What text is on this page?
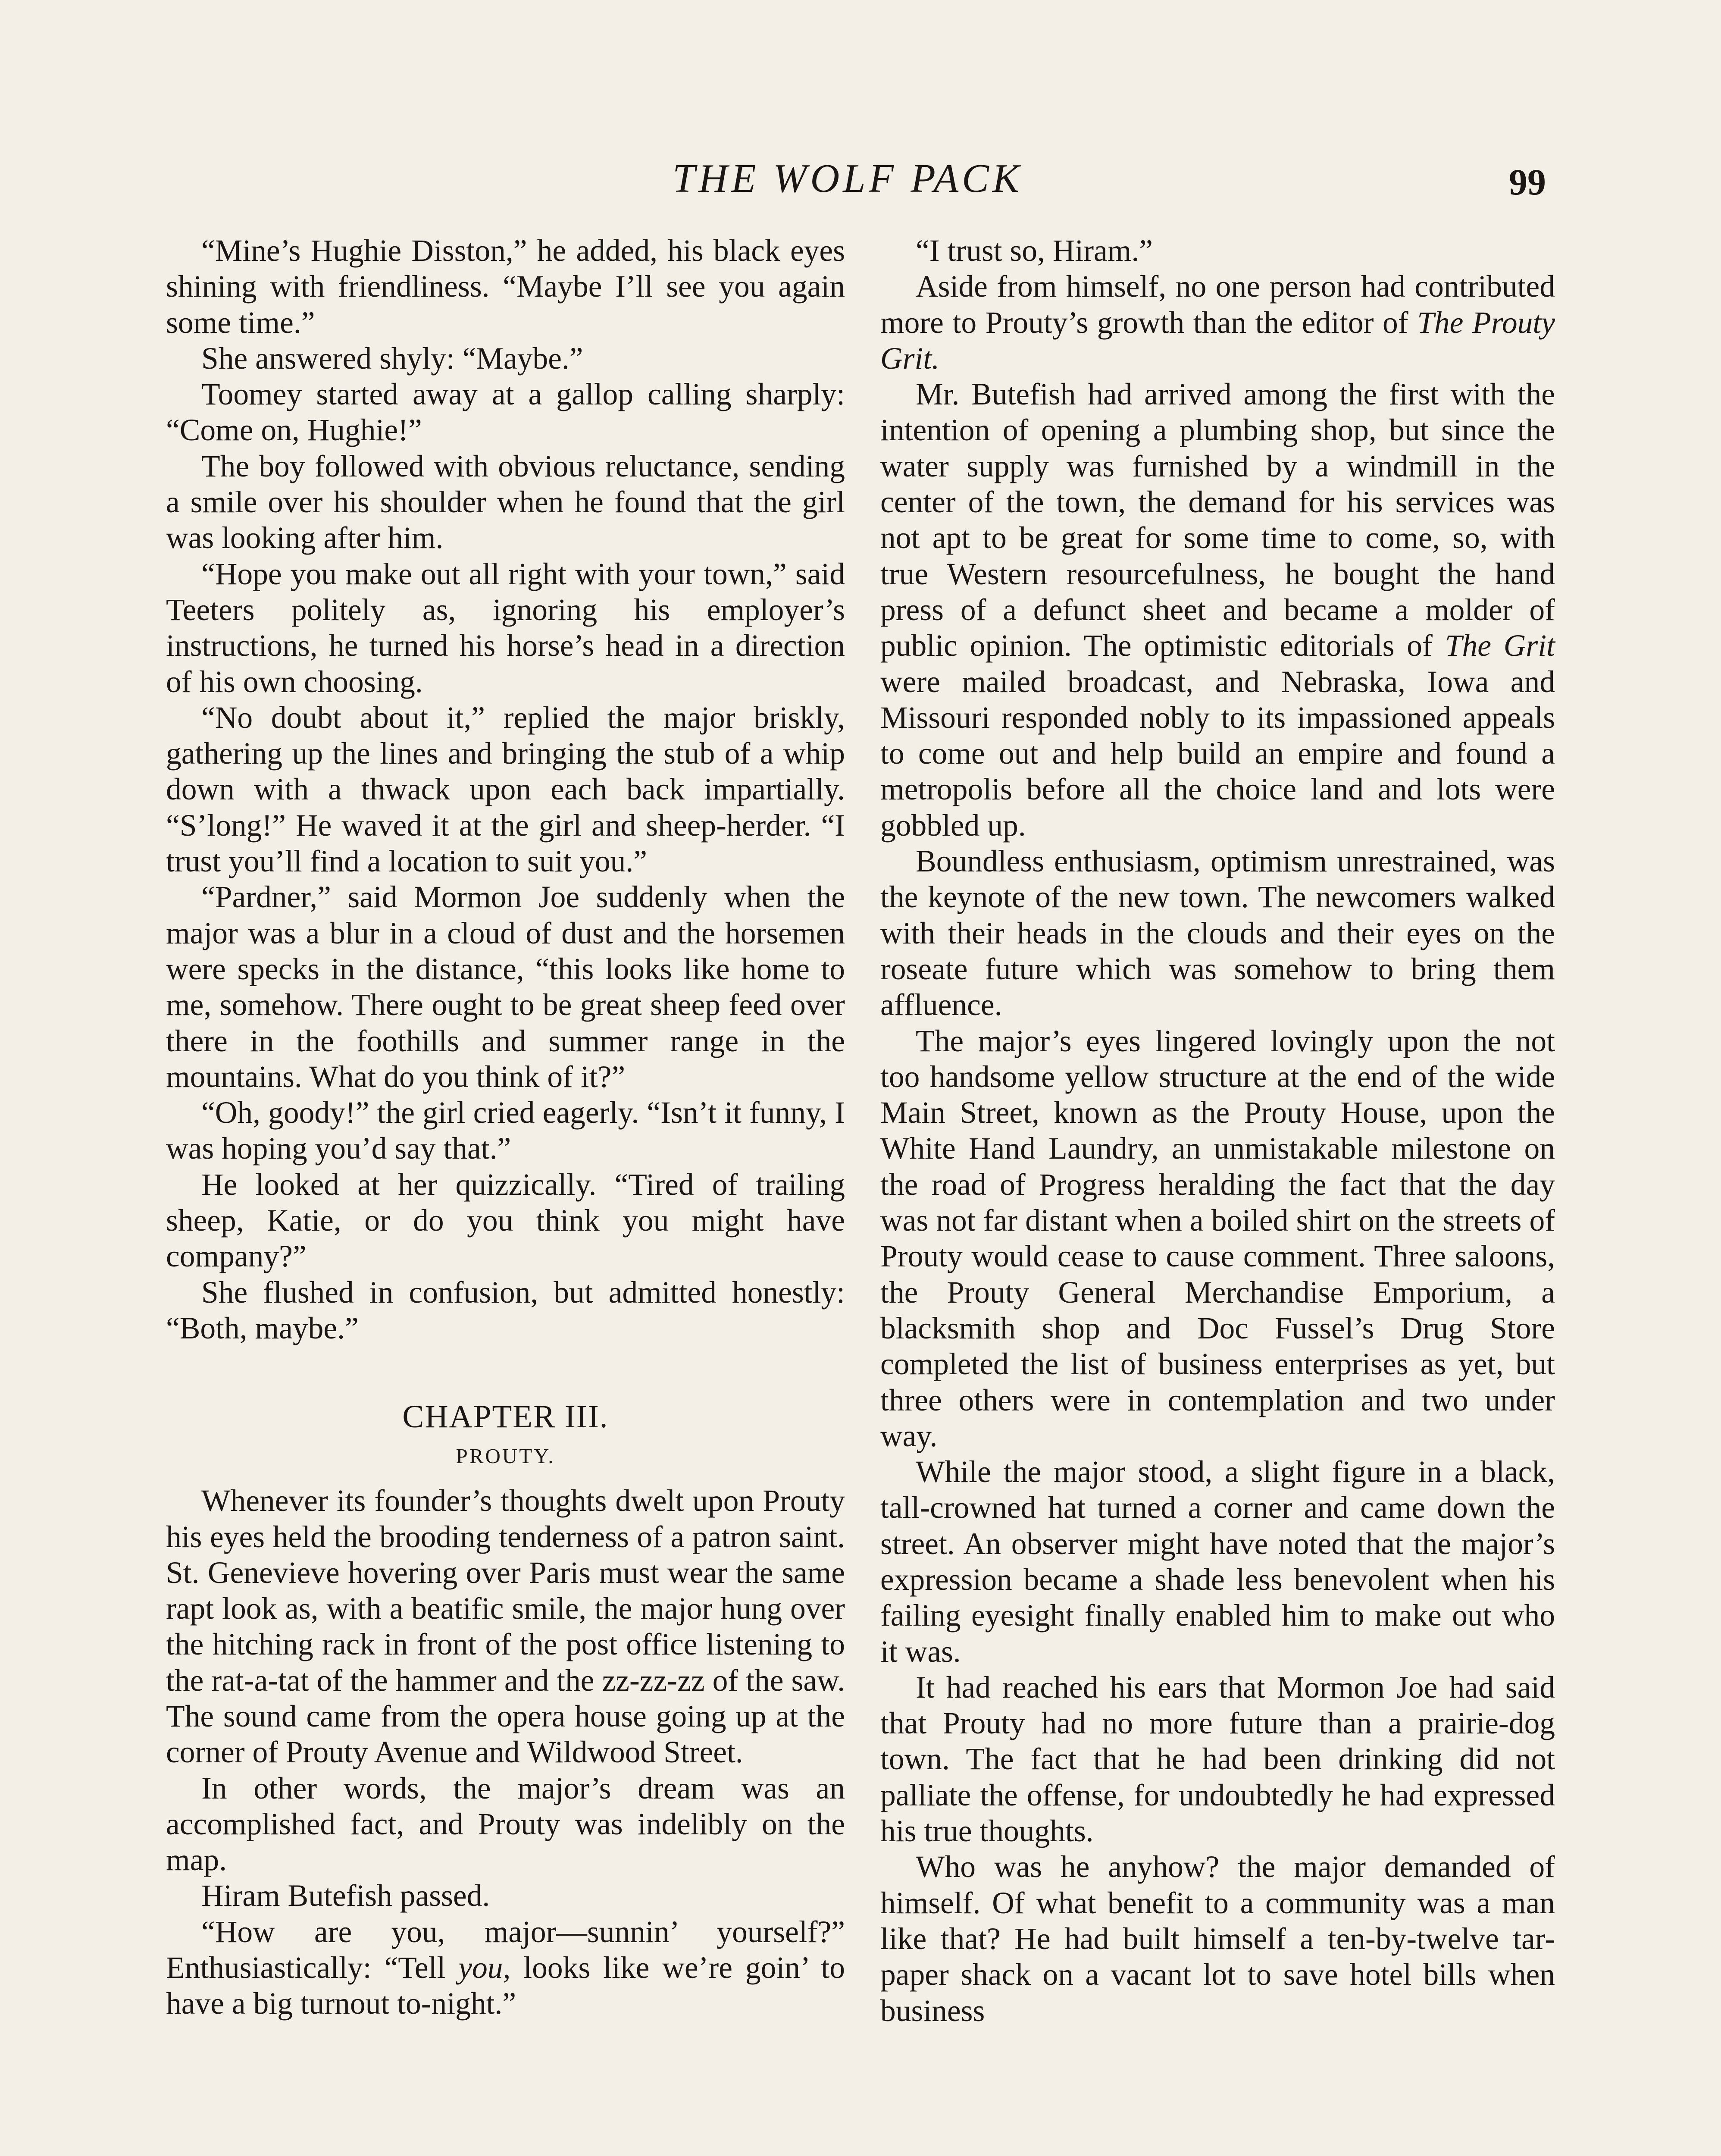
THE WOLF PACK	99

“Mine’s Hughie Disston,” he added, his black eyes shining with friendliness. “Maybe I’ll see you again some time.”

She answered shyly: “Maybe.”

Toomey started away at a gallop calling sharply: “Come on, Hughie!”

The boy followed with obvious reluctance, sending a smile over his shoulder when he found that the girl was looking after him.

“Hope you make out all right with your town,” said Teeters politely as, ignoring his employer’s instructions, he turned his horse’s head in a direction of his own choosing.

“No doubt about it,” replied the major briskly, gathering up the lines and bringing the stub of a whip down with a thwack upon each back impartially. “S’long!” He waved it at the girl and sheep-herder. “I trust you’ll find a location to suit you.”

“Pardner,” said Mormon Joe suddenly when the major was a blur in a cloud of dust and the horsemen were specks in the distance, “this looks like home to me, somehow. There ought to be great sheep feed over there in the foothills and summer range in the mountains. What do you think of it?”

“Oh, goody!” the girl cried eagerly. “Isn’t it funny, I was hoping you’d say that.”

He looked at her quizzically. “Tired of trailing sheep, Katie, or do you think you might have company?”

She flushed in confusion, but admitted honestly: “Both, maybe.”

CHAPTER III.
PROUTY.

Whenever its founder’s thoughts dwelt upon Prouty his eyes held the brooding tenderness of a patron saint. St. Genevieve hovering over Paris must wear the same rapt look as, with a beatific smile, the major hung over the hitching rack in front of the post office listening to the rat-a-tat of the hammer and the zz-zz-zz of the saw. The sound came from the opera house going up at the corner of Prouty Avenue and Wildwood Street.

In other words, the major’s dream was an accomplished fact, and Prouty was indelibly on the map.

Hiram Butefish passed.

“How are you, major—sunnin’ yourself?” Enthusiastically: “Tell you, looks like we’re goin’ to have a big turnout to-night.”

“I trust so, Hiram.”

Aside from himself, no one person had contributed more to Prouty’s growth than the editor of The Prouty Grit.

Mr. Butefish had arrived among the first with the intention of opening a plumbing shop, but since the water supply was furnished by a windmill in the center of the town, the demand for his services was not apt to be great for some time to come, so, with true Western resourcefulness, he bought the hand press of a defunct sheet and became a molder of public opinion. The optimistic editorials of The Grit were mailed broadcast, and Nebraska, Iowa and Missouri responded nobly to its impassioned appeals to come out and help build an empire and found a metropolis before all the choice land and lots were gobbled up.

Boundless enthusiasm, optimism unrestrained, was the keynote of the new town. The newcomers walked with their heads in the clouds and their eyes on the roseate future which was somehow to bring them affluence.

The major’s eyes lingered lovingly upon the not too handsome yellow structure at the end of the wide Main Street, known as the Prouty House, upon the White Hand Laundry, an unmistakable milestone on the road of Progress heralding the fact that the day was not far distant when a boiled shirt on the streets of Prouty would cease to cause comment. Three saloons, the Prouty General Merchandise Emporium, a blacksmith shop and Doc Fussel’s Drug Store completed the list of business enterprises as yet, but three others were in contemplation and two under way.

While the major stood, a slight figure in a black, tall-crowned hat turned a corner and came down the street. An observer might have noted that the major’s expression became a shade less benevolent when his failing eyesight finally enabled him to make out who it was.

It had reached his ears that Mormon Joe had said that Prouty had no more future than a prairie-dog town. The fact that he had been drinking did not palliate the offense, for undoubtedly he had expressed his true thoughts.

Who was he anyhow? the major demanded of himself. Of what benefit to a community was a man like that? He had built himself a ten-by-twelve tar-paper shack on a vacant lot to save hotel bills when business
